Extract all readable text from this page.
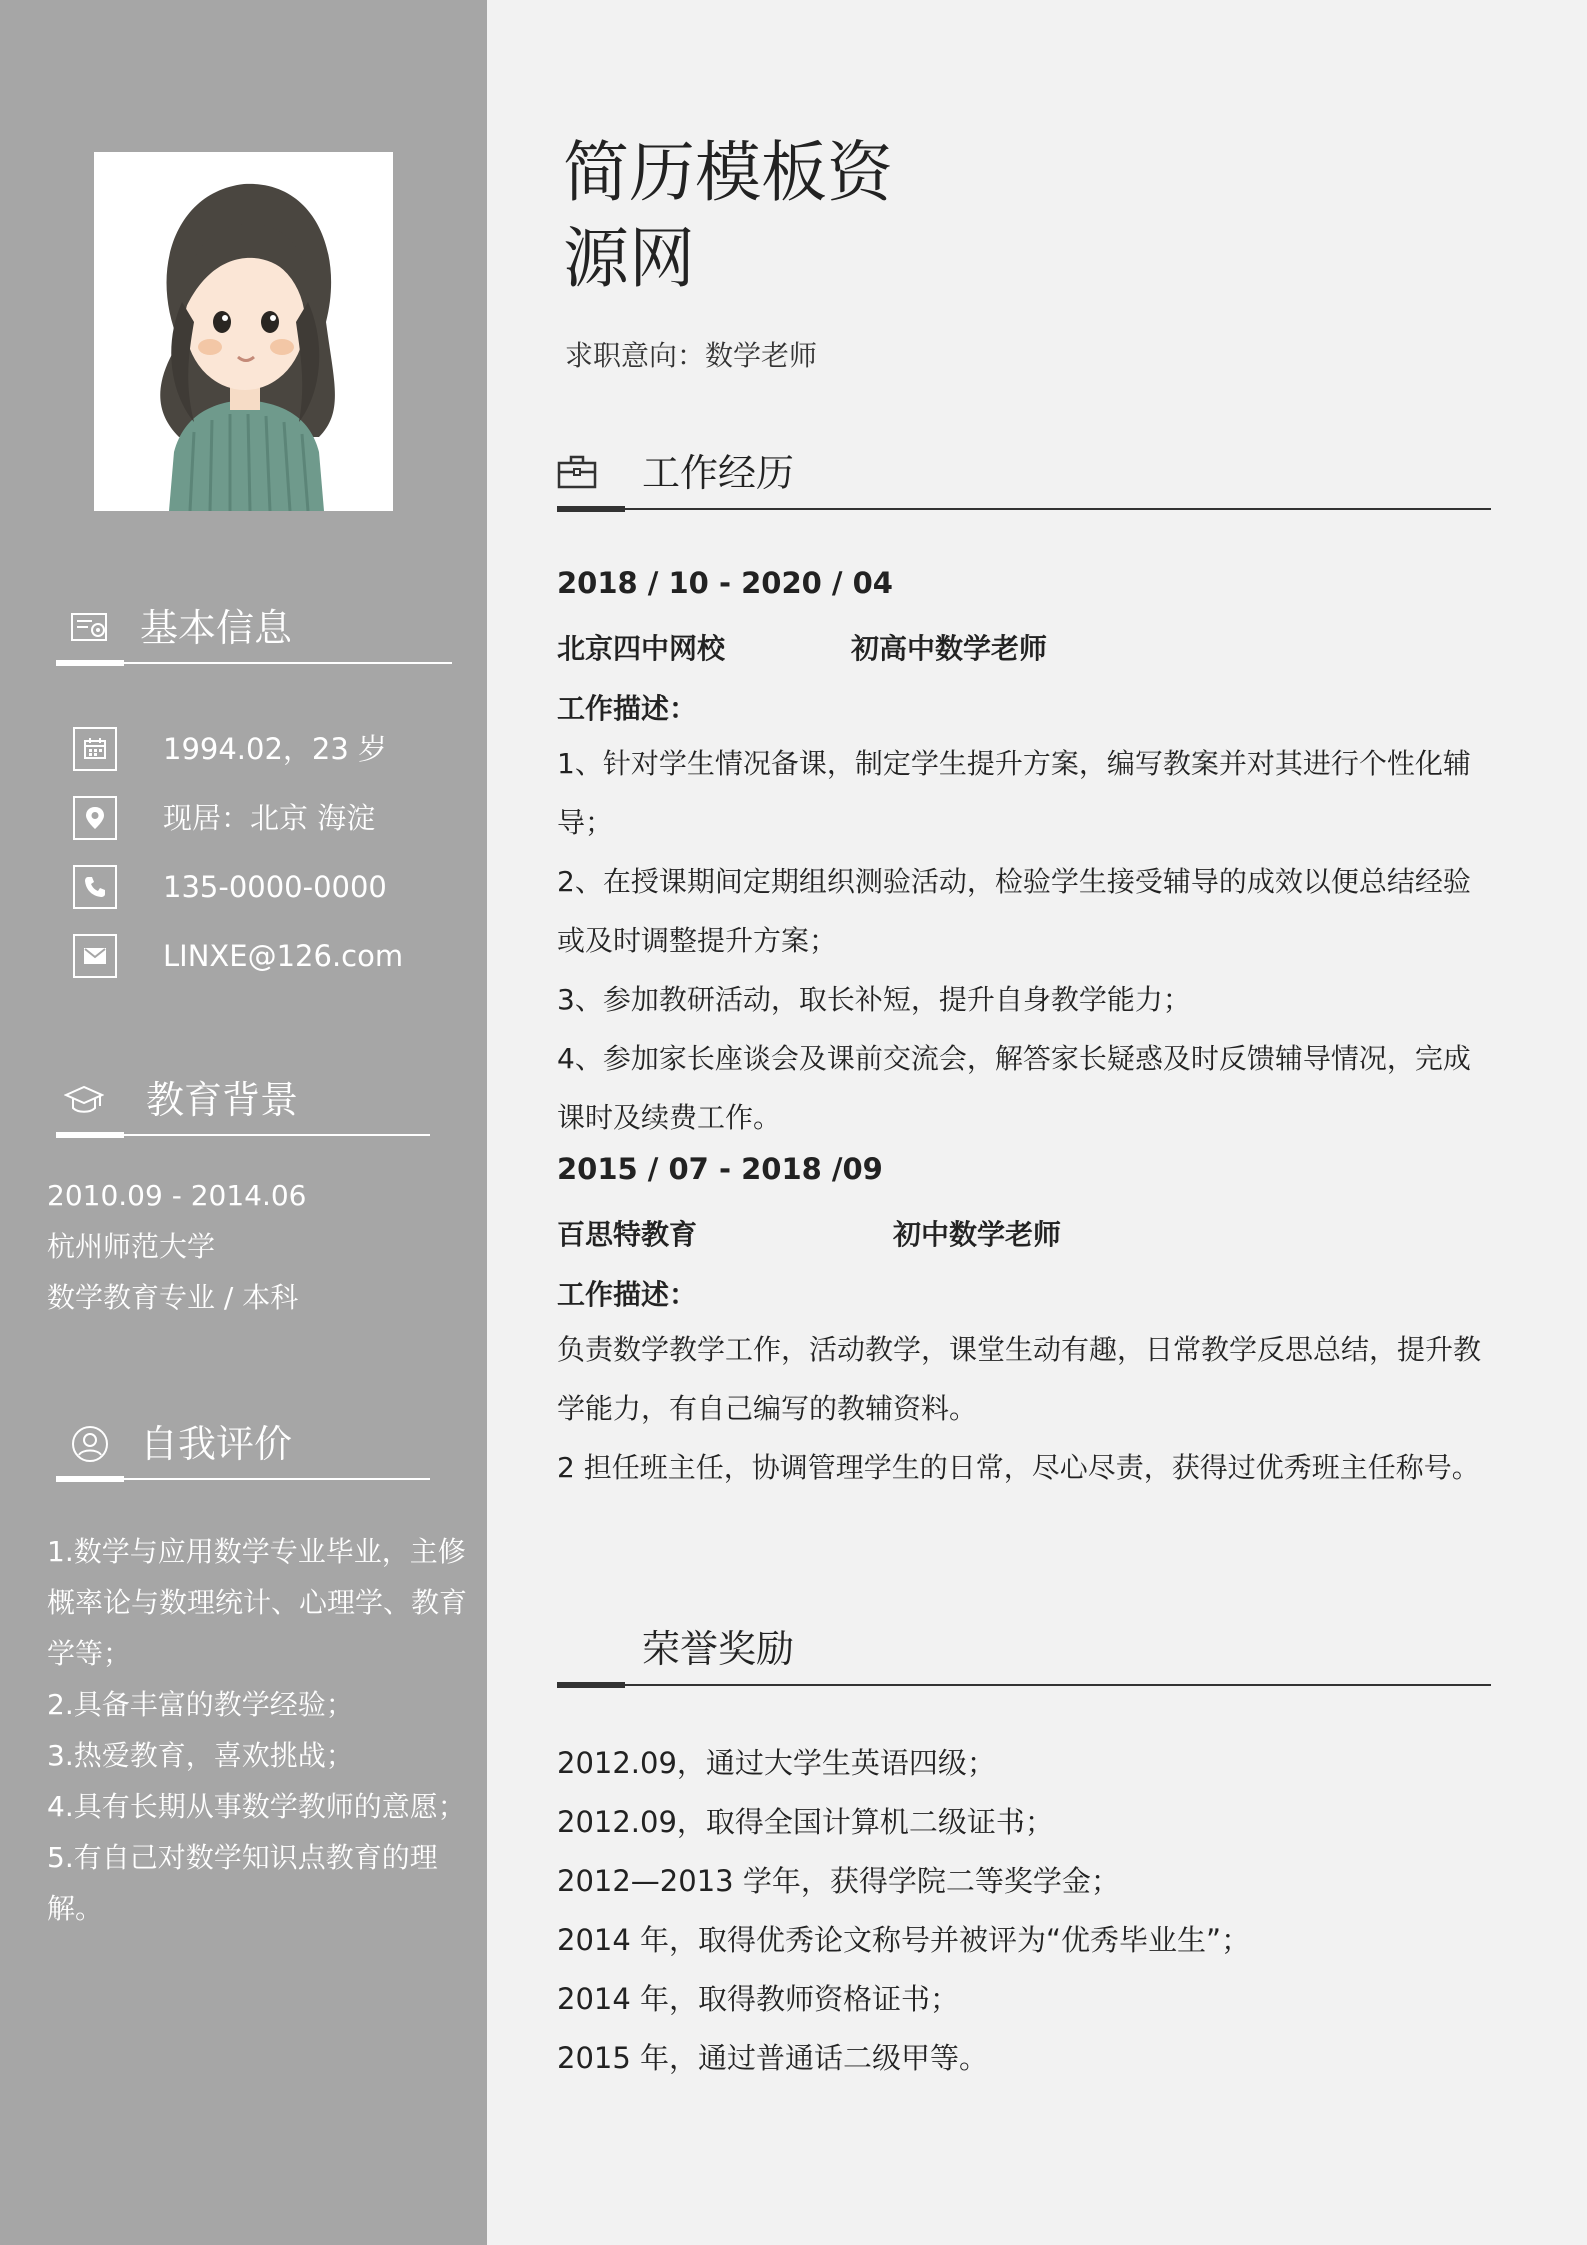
基本信息
1994.02，23 岁
现居：北京 海淀
135-0000-0000
LINXE@126.com
教育背景
2010.09 - 2014.06
杭州师范大学
数学教育专业 / 本科
自我评价
1.数学与应用数学专业毕业，主修概率论与数理统计、心理学、教育学等；
2.具备丰富的教学经验；
3.热爱教育，喜欢挑战；
4.具有长期从事数学教师的意愿；
5.有自己对数学知识点教育的理解。
简历模板资
源网
求职意向：数学老师
工作经历
2018 / 10 - 2020 / 04
北京四中网校	初高中数学老师
工作描述：
1、针对学生情况备课，制定学生提升方案，编写教案并对其进行个性化辅导；
2、在授课期间定期组织测验活动，检验学生接受辅导的成效以便总结经验或及时调整提升方案；
3、参加教研活动，取长补短，提升自身教学能力；
4、参加家长座谈会及课前交流会，解答家长疑惑及时反馈辅导情况，完成课时及续费工作。
2015 / 07 - 2018 /09
百思特教育	初中数学老师
工作描述：
负责数学教学工作，活动教学，课堂生动有趣，日常教学反思总结，提升教学能力，有自己编写的教辅资料。
2 担任班主任，协调管理学生的日常，尽心尽责，获得过优秀班主任称号。
荣誉奖励
2012.09，通过大学生英语四级；
2012.09，取得全国计算机二级证书；
2012—2013 学年，获得学院二等奖学金；
2014 年，取得优秀论文称号并被评为“优秀毕业生”；
2014 年，取得教师资格证书；
2015 年，通过普通话二级甲等。
